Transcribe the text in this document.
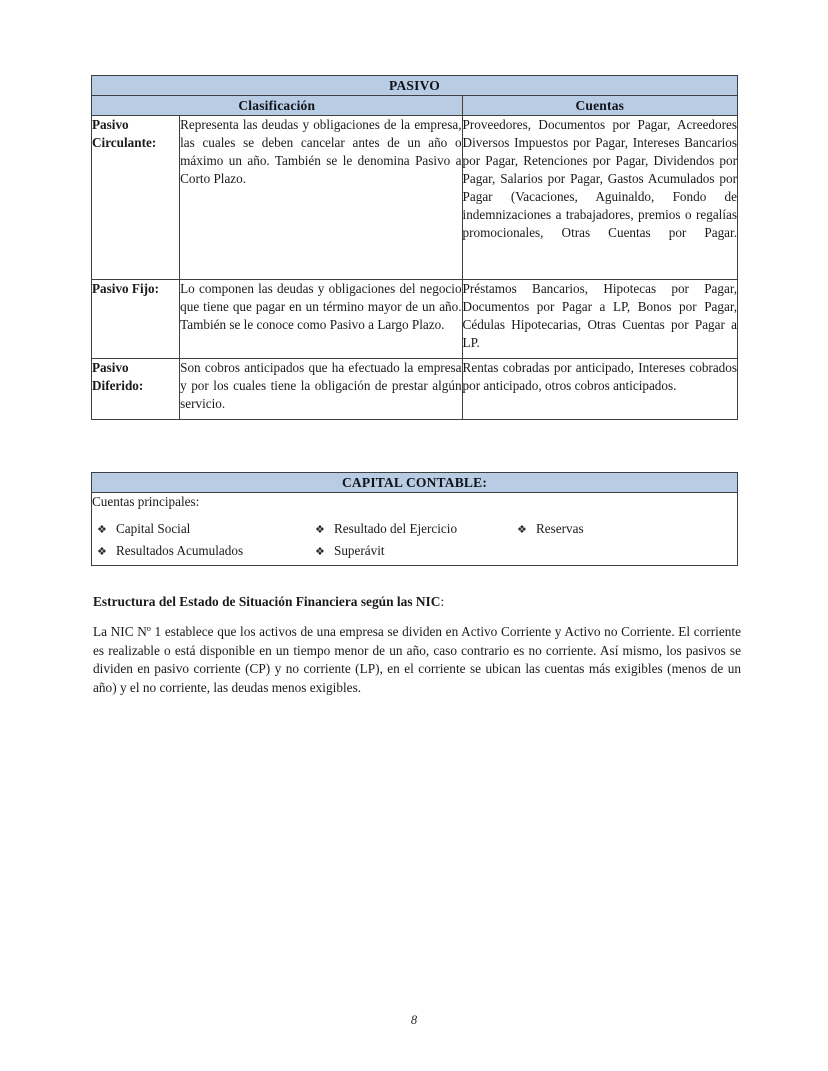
PASIVO		
Clasificación		Cuentas
Pasivo Circulante:	Representa las deudas y obligaciones de la empresa, las cuales se deben cancelar antes de un año o máximo un año. También se le denomina Pasivo a Corto Plazo.	Proveedores, Documentos por Pagar, Acreedores Diversos Impuestos por Pagar, Intereses Bancarios por Pagar, Retenciones por Pagar, Dividendos por Pagar, Salarios por Pagar, Gastos Acumulados por Pagar (Vacaciones, Aguinaldo, Fondo de indemnizaciones a trabajadores, premios o regalías promocionales, Otras Cuentas por Pagar.
Pasivo Fijo:	Lo componen las deudas y obligaciones del negocio que tiene que pagar en un término mayor de un año. También se le conoce como Pasivo a Largo Plazo.	Préstamos Bancarios, Hipotecas por Pagar, Documentos por Pagar a LP, Bonos por Pagar, Cédulas Hipotecarias, Otras Cuentas por Pagar a LP.
Pasivo Diferido:	Son cobros anticipados que ha efectuado la empresa y por los cuales tiene la obligación de prestar algún servicio.	Rentas cobradas por anticipado, Intereses cobrados por anticipado, otros cobros anticipados.
CAPITAL CONTABLE:

Cuentas principales:

❖ Capital Social	❖ Resultado del Ejercicio	❖ Reservas
❖ Resultados Acumulados	❖ Superávit
Estructura del Estado de Situación Financiera según las NIC:
La NIC Nº 1 establece que los activos de una empresa se dividen en Activo Corriente y Activo no Corriente. El corriente es realizable o está disponible en un tiempo menor de un año, caso contrario es no corriente. Así mismo, los pasivos se dividen en pasivo corriente (CP) y no corriente (LP), en el corriente se ubican las cuentas más exigibles (menos de un año) y el no corriente, las deudas menos exigibles.
8
